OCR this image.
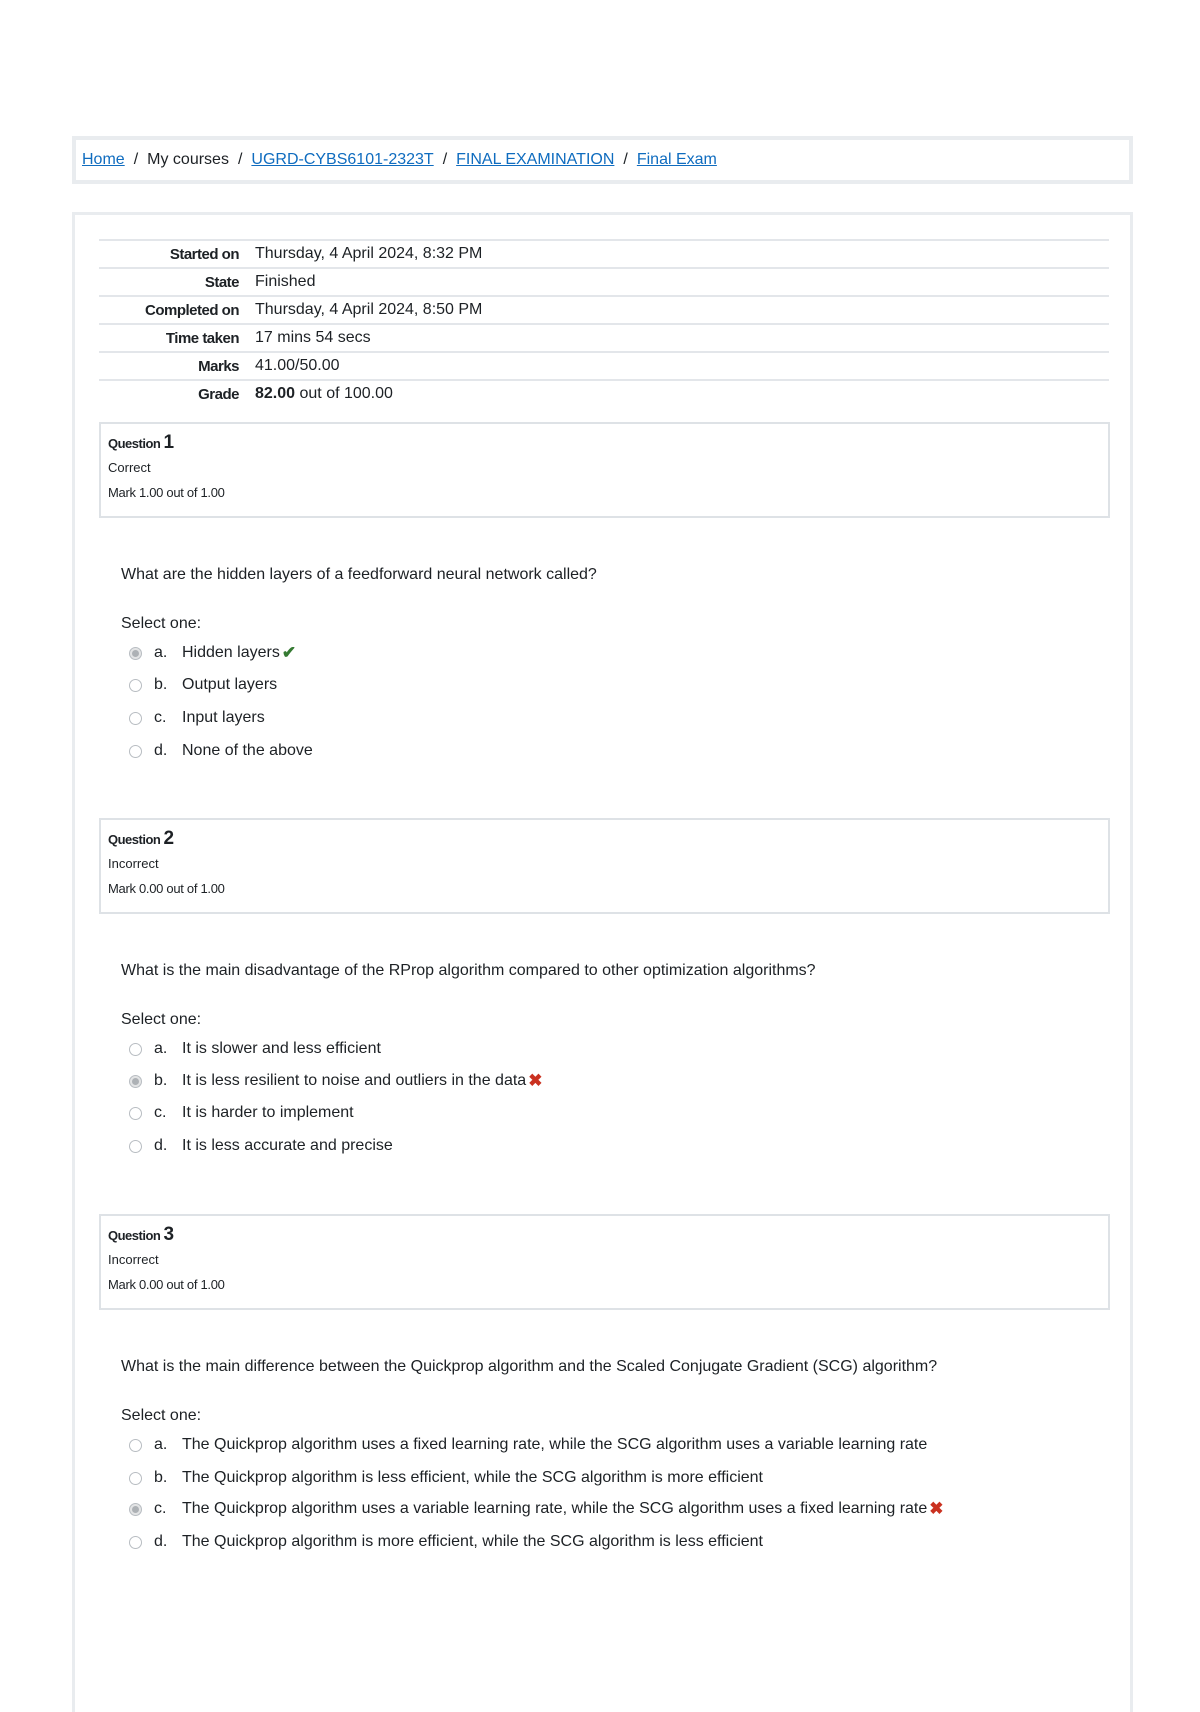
Home / My courses / UGRD-CYBS6101-2323T / FINAL EXAMINATION / Final Exam
Started on	Thursday, 4 April 2024, 8:32 PM
State	Finished
Completed on	Thursday, 4 April 2024, 8:50 PM
Time taken	17 mins 54 secs
Marks	41.00/50.00
Grade	82.00 out of 100.00
Question 1
Correct
Mark 1.00 out of 1.00
What are the hidden layers of a feedforward neural network called?
Select one:
a. Hidden layers ✔
b. Output layers
c. Input layers
d. None of the above
Question 2
Incorrect
Mark 0.00 out of 1.00
What is the main disadvantage of the RProp algorithm compared to other optimization algorithms?
Select one:
a. It is slower and less efficient
b. It is less resilient to noise and outliers in the data ✖
c. It is harder to implement
d. It is less accurate and precise
Question 3
Incorrect
Mark 0.00 out of 1.00
What is the main difference between the Quickprop algorithm and the Scaled Conjugate Gradient (SCG) algorithm?
Select one:
a. The Quickprop algorithm uses a fixed learning rate, while the SCG algorithm uses a variable learning rate
b. The Quickprop algorithm is less efficient, while the SCG algorithm is more efficient
c. The Quickprop algorithm uses a variable learning rate, while the SCG algorithm uses a fixed learning rate ✖
d. The Quickprop algorithm is more efficient, while the SCG algorithm is less efficient
